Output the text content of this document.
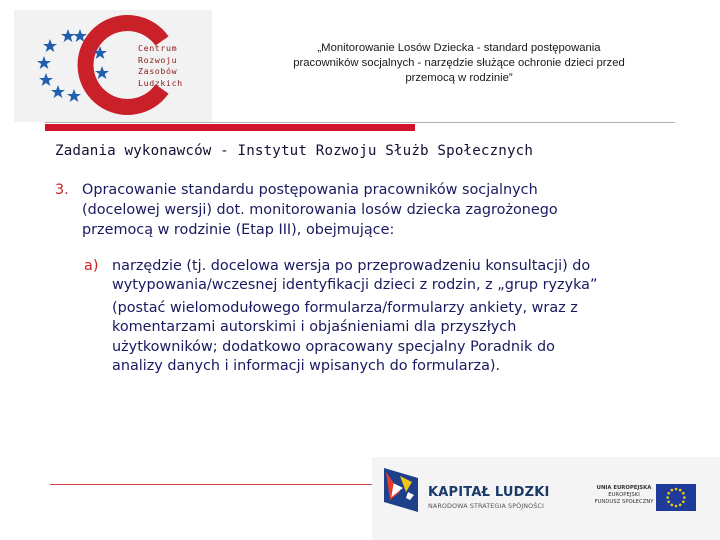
Centrum
Rozwoju
Zasobów
Ludzkich
„Monitorowanie Losów Dziecka - standard postępowania
pracowników socjalnych - narzędzie służące ochronie dzieci przed
przemocą w rodzinie”
Zadania wykonawców - Instytut Rozwoju Służb Społecznych
3. Opracowanie standardu postępowania pracowników socjalnych
(docelowej wersji) dot. monitorowania losów dziecka zagrożonego
przemocą w rodzinie (Etap III), obejmujące:
a) narzędzie (tj. docelowa wersja po przeprowadzeniu konsultacji) do
wytypowania/wczesnej identyfikacji dzieci z rodzin, z „grup ryzyka”
(postać wielomodułowego formularza/formularzy ankiety, wraz z
komentarzami autorskimi i objaśnieniami dla przyszłych
użytkowników; dodatkowo opracowany specjalny Poradnik do
analizy danych i informacji wpisanych do formularza).
KAPITAŁ LUDZKI
NARODOWA STRATEGIA SPÓJNOŚCI
UNIA EUROPEJSKA
EUROPEJSKI
FUNDUSZ SPOŁECZNY
